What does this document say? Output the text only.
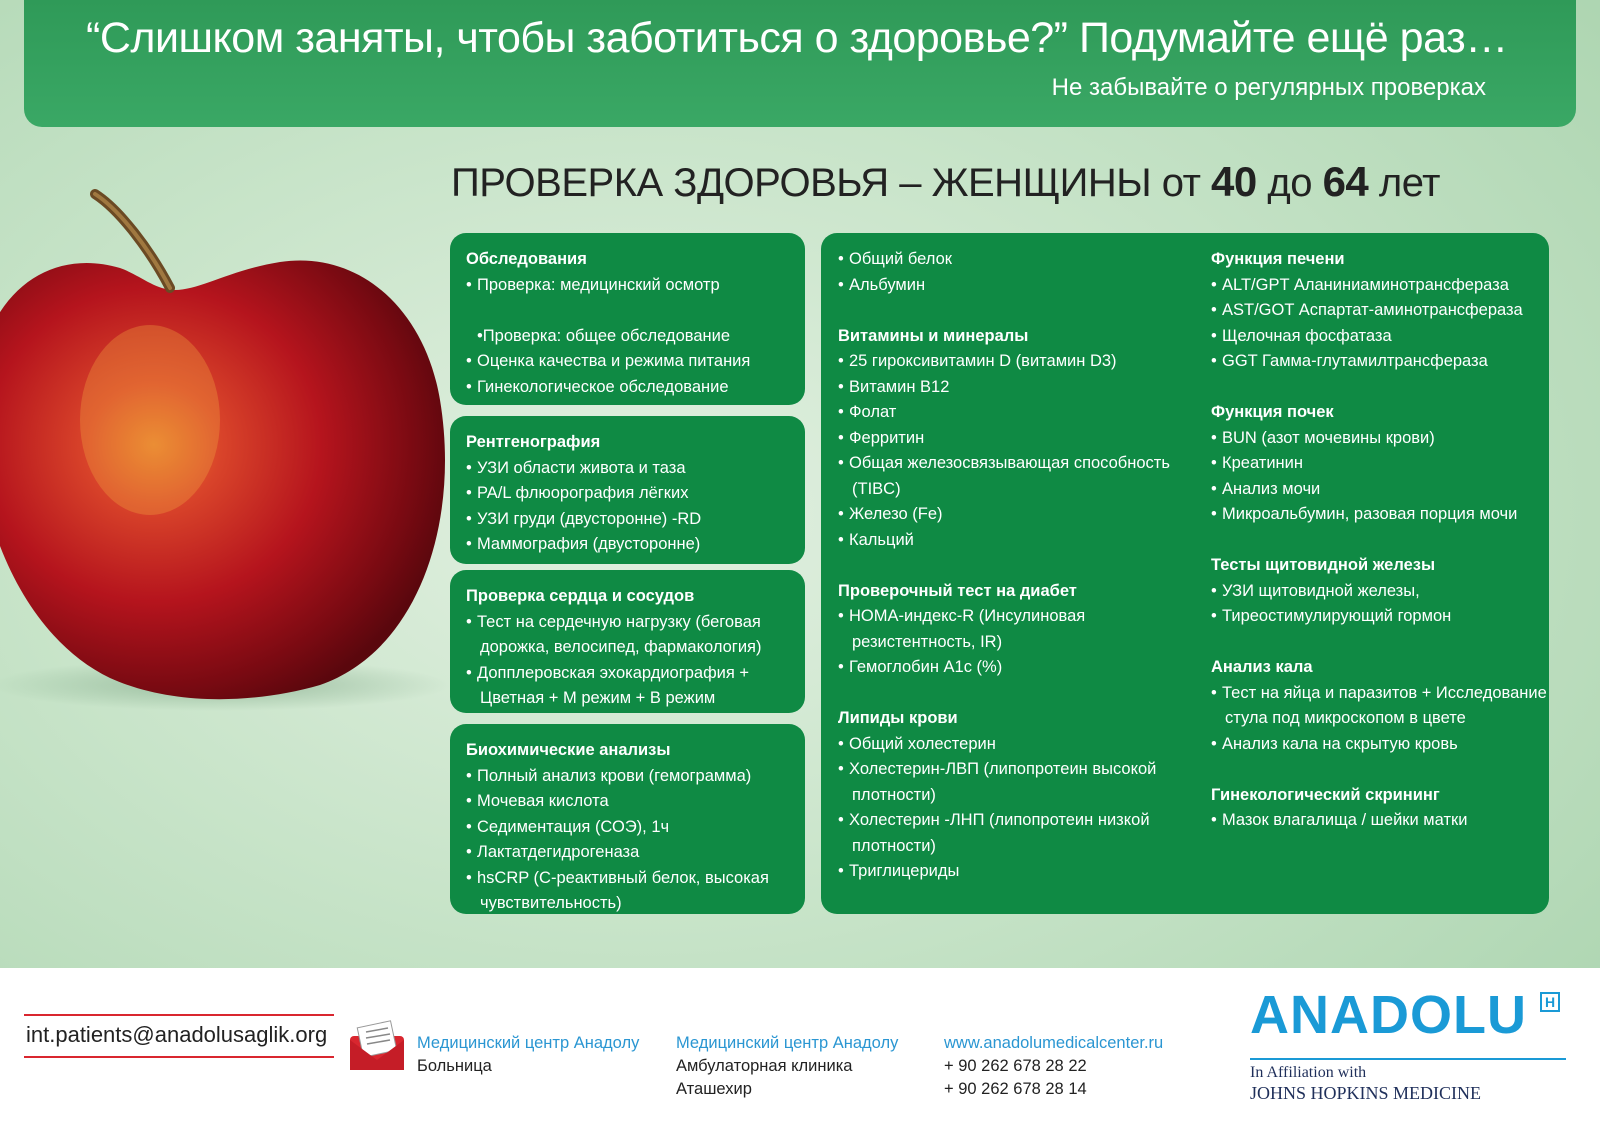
“Слишком заняты, чтобы заботиться о здоровье?” Подумайте ещё раз…
Не забывайте о регулярных проверках
ПРОВЕРКА ЗДОРОВЬЯ – ЖЕНЩИНЫ от 40 до 64 лет
Обследования
• Проверка: медицинский осмотр
•Проверка: общее обследование
• Оценка качества и режима питания
• Гинекологическое обследование
Рентгенография
• УЗИ области живота и таза
• PA/L флюорография лёгких
• УЗИ груди (двусторонне) -RD
• Маммография (двусторонне)
Проверка сердца и сосудов
• Тест на сердечную нагрузку (беговая
дорожка, велосипед, фармакология)
• Допплеровская эхокардиография +
Цветная + М режим + В режим
Биохимические анализы
• Полный анализ крови (гемограмма)
• Мочевая кислота
• Седиментация (СОЭ), 1ч
• Лактатдегидрогеназа
• hsCRP (C-реактивный белок, высокая
чувствительность)
• Общий белок
• Альбумин
Витамины и минералы
• 25 гироксивитамин D (витамин D3)
• Витамин B12
• Фолат
• Ферритин
• Общая железосвязывающая способность
(TIBC)
• Железо (Fe)
• Кальций
Проверочный тест на диабет
• HOMA-индекс-R (Инсулиновая
резистентность, IR)
• Гемоглобин A1c (%)
Липиды крови
• Общий холестерин
• Холестерин-ЛВП (липопротеин высокой
плотности)
• Холестерин -ЛНП (липопротеин низкой
плотности)
• Триглицериды
Функция печени
• ALT/GPT Аланиниаминотрансфераза
• AST/GOT Аспартат-аминотрансфераза
• Щелочная фосфатаза
• GGT Гамма-глутамилтрансфераза
Функция почек
• BUN (азот мочевины крови)
• Креатинин
• Анализ мочи
• Микроальбумин, разовая порция мочи
Тесты щитовидной железы
• УЗИ щитовидной железы,
• Тиреостимулирующий гормон
Анализ кала
• Тест на яйца и паразитов + Исследование
стула под микроскопом в цвете
• Анализ кала на скрытую кровь
Гинекологический скрининг
• Мазок влагалища / шейки матки
int.patients@anadolusaglik.org	Медицинский центр Анадолу
Больница
Медицинский центр Анадолу
Амбулаторная клиника
Аташехир
www.anadolumedicalcenter.ru
+ 90 262 678 28 22
+ 90 262 678 28 14
ANADOLU	H
In Affiliation with
JOHNS HOPKINS MEDICINE
